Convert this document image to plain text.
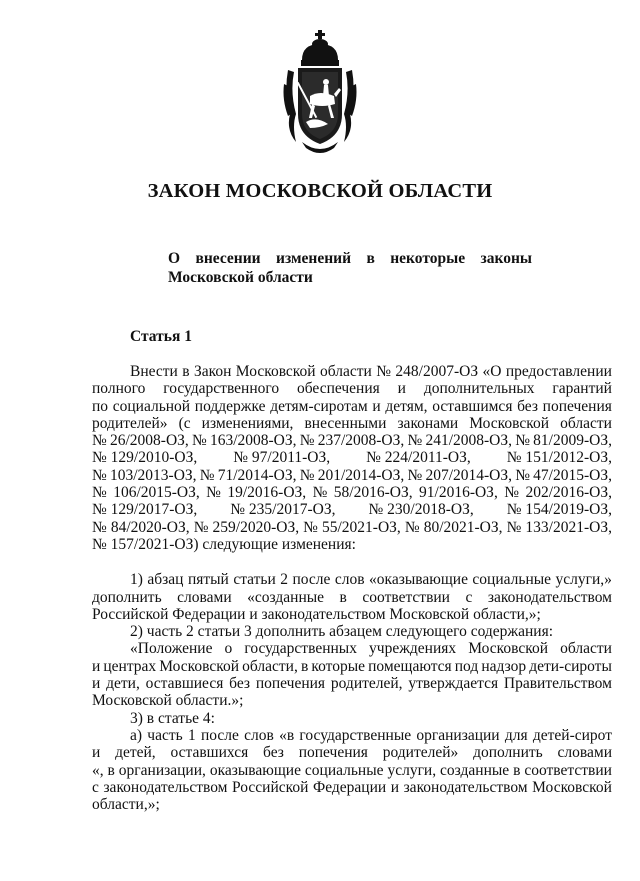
ЗАКОН МОСКОВСКОЙ ОБЛАСТИ
О внесении изменений в некоторые законы
Московской области
Статья 1
Внести в Закон Московской области № 248/2007-ОЗ «О предоставлении
полного государственного обеспечения и дополнительных гарантий
по социальной поддержке детям-сиротам и детям, оставшимся без попечения
родителей» (с изменениями, внесенными законами Московской области
№ 26/2008-ОЗ, № 163/2008-ОЗ, № 237/2008-ОЗ, № 241/2008-ОЗ, № 81/2009-ОЗ,
№ 129/2010-ОЗ, № 97/2011-ОЗ, № 224/2011-ОЗ, № 151/2012-ОЗ,
№ 103/2013-ОЗ, № 71/2014-ОЗ, № 201/2014-ОЗ, № 207/2014-ОЗ, № 47/2015-ОЗ,
№ 106/2015-ОЗ, № 19/2016-ОЗ, № 58/2016-ОЗ, 91/2016-ОЗ, № 202/2016-ОЗ,
№ 129/2017-ОЗ, № 235/2017-ОЗ, № 230/2018-ОЗ, № 154/2019-ОЗ,
№ 84/2020-ОЗ, № 259/2020-ОЗ, № 55/2021-ОЗ, № 80/2021-ОЗ, № 133/2021-ОЗ,
№ 157/2021-ОЗ) следующие изменения:
1) абзац пятый статьи 2 после слов «оказывающие социальные услуги,»
дополнить словами «созданные в соответствии с законодательством
Российской Федерации и законодательством Московской области,»;
2) часть 2 статьи 3 дополнить абзацем следующего содержания:
«Положение о государственных учреждениях Московской области
и центрах Московской области, в которые помещаются под надзор дети-сироты
и дети, оставшиеся без попечения родителей, утверждается Правительством
Московской области.»;
3) в статье 4:
а) часть 1 после слов «в государственные организации для детей-сирот
и детей, оставшихся без попечения родителей» дополнить словами
«, в организации, оказывающие социальные услуги, созданные в соответствии
с законодательством Российской Федерации и законодательством Московской
области,»;
